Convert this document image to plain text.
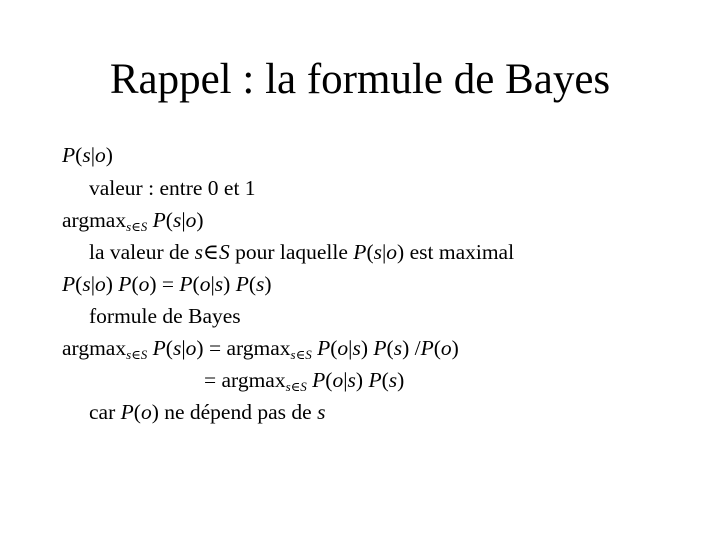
Rappel : la formule de Bayes
P(s|o)
valeur : entre 0 et 1
argmax$_{s\in S}$ P(s|o)
la valeur de s∈S pour laquelle P(s|o) est maximal
P(s|o) P(o) = P(o|s) P(s)
formule de Bayes
argmax$_{s\in S}$ P(s|o) = argmax$_{s\in S}$ P(o|s) P(s) /P(o)
= argmax$_{s\in S}$ P(o|s) P(s)
car P(o) ne dépend pas de s
